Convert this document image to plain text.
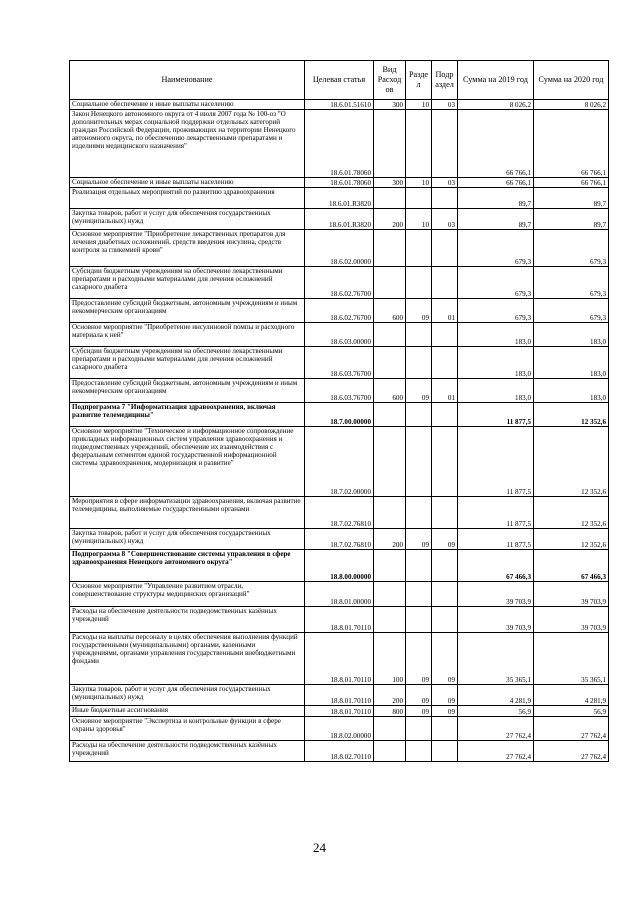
Наименование	Целевая статья	Вид Расход ов	Разде л	Подр аздел	Сумма на 2019 год	Сумма на 2020 год
Социальное обеспечение и иные выплаты населению	18.6.01.51610	300	10	03	8 026,2	8 026,2
Закон Ненецкого автономного округа от 4 июля 2007 года № 100-оз "О дополнительных мерах социальной поддержки отдельных категорий граждан Российской Федерации, проживающих на территории Ненецкого автономного округа, по обеспечению лекарственными препаратами и изделиями медицинского назначения"	18.6.01.78060				66 766,1	66 766,1
Социальное обеспечение и иные выплаты населению	18.6.01.78060	300	10	03	66 766,1	66 766,1
Реализация отдельных мероприятий по развитию здравоохранения	18.6.01.R3820				89,7	89,7
Закупка товаров, работ и услуг для обеспечения государственных (муниципальных) нужд	18.6.01.R3820	200	10	03	89,7	89,7
Основное мероприятие "Приобретение лекарственных препаратов для лечения диабетных осложнений, средств введения инсулина, средств контроля за гликемией крови"	18.6.02.00000				679,3	679,3
Субсидии бюджетным учреждениям на обеспечение лекарственными препаратами и расходными материалами для лечения осложнений сахарного диабета	18.6.02.76700				679,3	679,3
Предоставление субсидий бюджетным, автономным учреждениям и иным некоммерческим организациям	18.6.02.76700	600	09	01	679,3	679,3
Основное мероприятие "Приобретение инсулиновой помпы и расходного материала к ней"	18.6.03.00000				183,0	183,0
Субсидии бюджетным учреждениям на обеспечение лекарственными препаратами и расходными материалами для лечения осложнений сахарного диабета	18.6.03.76700				183,0	183,0
Предоставление субсидий бюджетным, автономным учреждениям и иным некоммерческим организациям	18.6.03.76700	600	09	01	183,0	183,0
Подпрограмма 7 "Информатизация здравоохранения, включая развитие телемедицины"	18.7.00.00000				11 877,5	12 352,6
Основное мероприятие "Техническое и информационное сопровождение прикладных информационных систем управления здравоохранения и подведомственных учреждений, обеспечение их взаимодействия с федеральным сегментом единой государственной информационной системы здравоохранения, модернизация и развитие"	18.7.02.00000				11 877,5	12 352,6
Мероприятия в сфере информатизации здравоохранения, включая развитие телемедицины, выполняемые государственными органами	18.7.02.76810				11 877,5	12 352,6
Закупка товаров, работ и услуг для обеспечения государственных (муниципальных) нужд	18.7.02.76810	200	09	09	11 877,5	12 352,6
Подпрограмма 8 "Совершенствование системы управления в сфере здравоохранения Ненецкого автономного округа"	18.8.00.00000				67 466,3	67 466,3
Основное мероприятие "Управление развитием отрасли, совершенствование структуры медицинских организаций"	18.8.01.00000				39 703,9	39 703,9
Расходы на обеспечение деятельности подведомственных казённых учреждений	18.8.01.70110				39 703,9	39 703,9
Расходы на выплаты персоналу в целях обеспечения выполнения функций государственными (муниципальными) органами, казенными учреждениями, органами управления государственными внебюджетными фондами	18.8.01.70110	100	09	09	35 365,1	35 365,1
Закупка товаров, работ и услуг для обеспечения государственных (муниципальных) нужд	18.8.01.70110	200	09	09	4 281,9	4 281,9
Иные бюджетные ассигнования	18.8.01.70110	800	09	09	56,9	56,9
Основное мероприятие "Экспертиза и контрольные функции в сфере охраны здоровья"	18.8.02.00000				27 762,4	27 762,4
Расходы на обеспечение деятельности подведомственных казённых учреждений	18.8.02.70110				27 762,4	27 762,4
24
